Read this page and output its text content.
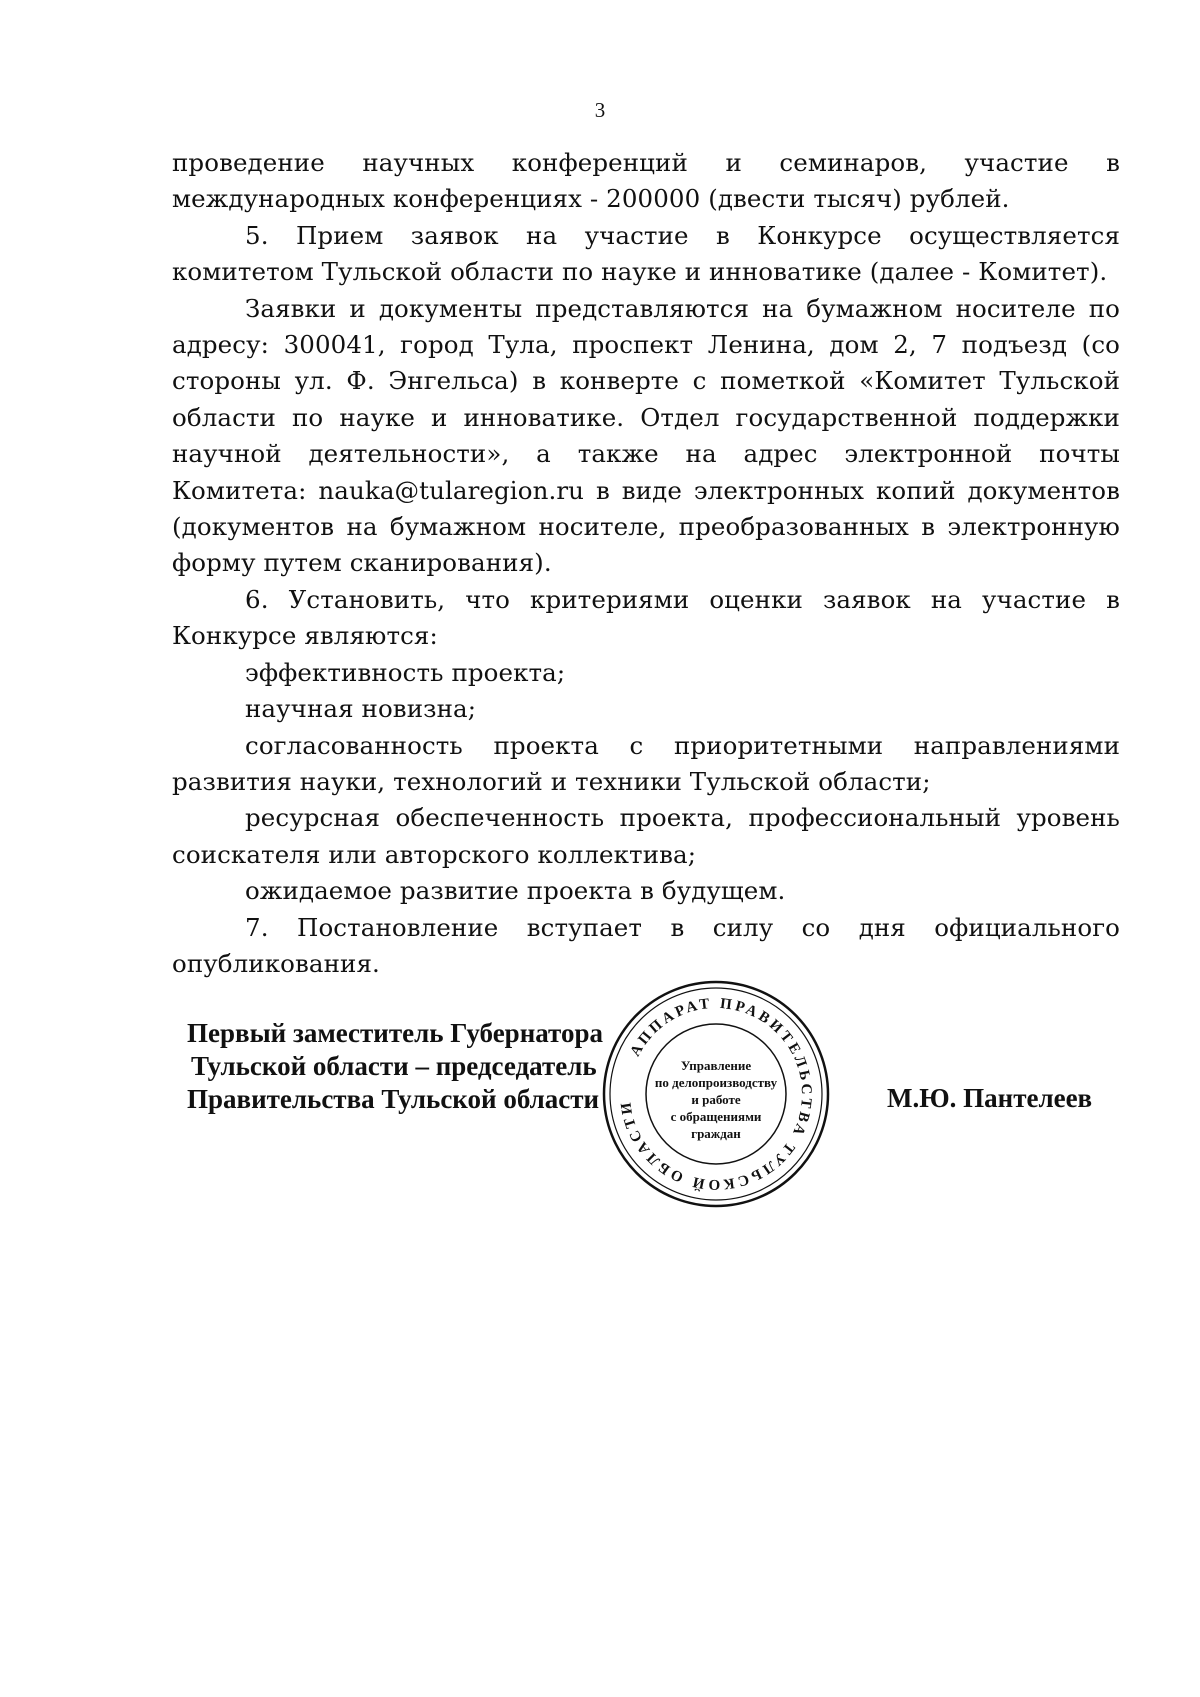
3

проведение научных конференций и семинаров, участие в международных конференциях - 200000 (двести тысяч) рублей.

5. Прием заявок на участие в Конкурсе осуществляется комитетом Тульской области по науке и инноватике (далее - Комитет).

Заявки и документы представляются на бумажном носителе по адресу: 300041, город Тула, проспект Ленина, дом 2, 7 подъезд (со стороны ул. Ф. Энгельса) в конверте с пометкой «Комитет Тульской области по науке и инноватике. Отдел государственной поддержки научной деятельности», а также на адрес электронной почты Комитета: nauka@tularegion.ru в виде электронных копий документов (документов на бумажном носителе, преобразованных в электронную форму путем сканирования).

6. Установить, что критериями оценки заявок на участие в Конкурсе являются:

эффективность проекта;

научная новизна;

согласованность проекта с приоритетными направлениями развития науки, технологий и техники Тульской области;

ресурсная обеспеченность проекта, профессиональный уровень соискателя или авторского коллектива;

ожидаемое развитие проекта в будущем.

7. Постановление вступает в силу со дня официального опубликования.

Первый заместитель Губернатора
Тульской области – председатель
Правительства Тульской области	М.Ю. Пантелеев
АППАРАТ ПРАВИТЕЛЬСТВА ТУЛЬСКОЙ ОБЛАСТИ
Управление
по делопроизводству
и работе
с обращениями
граждан
